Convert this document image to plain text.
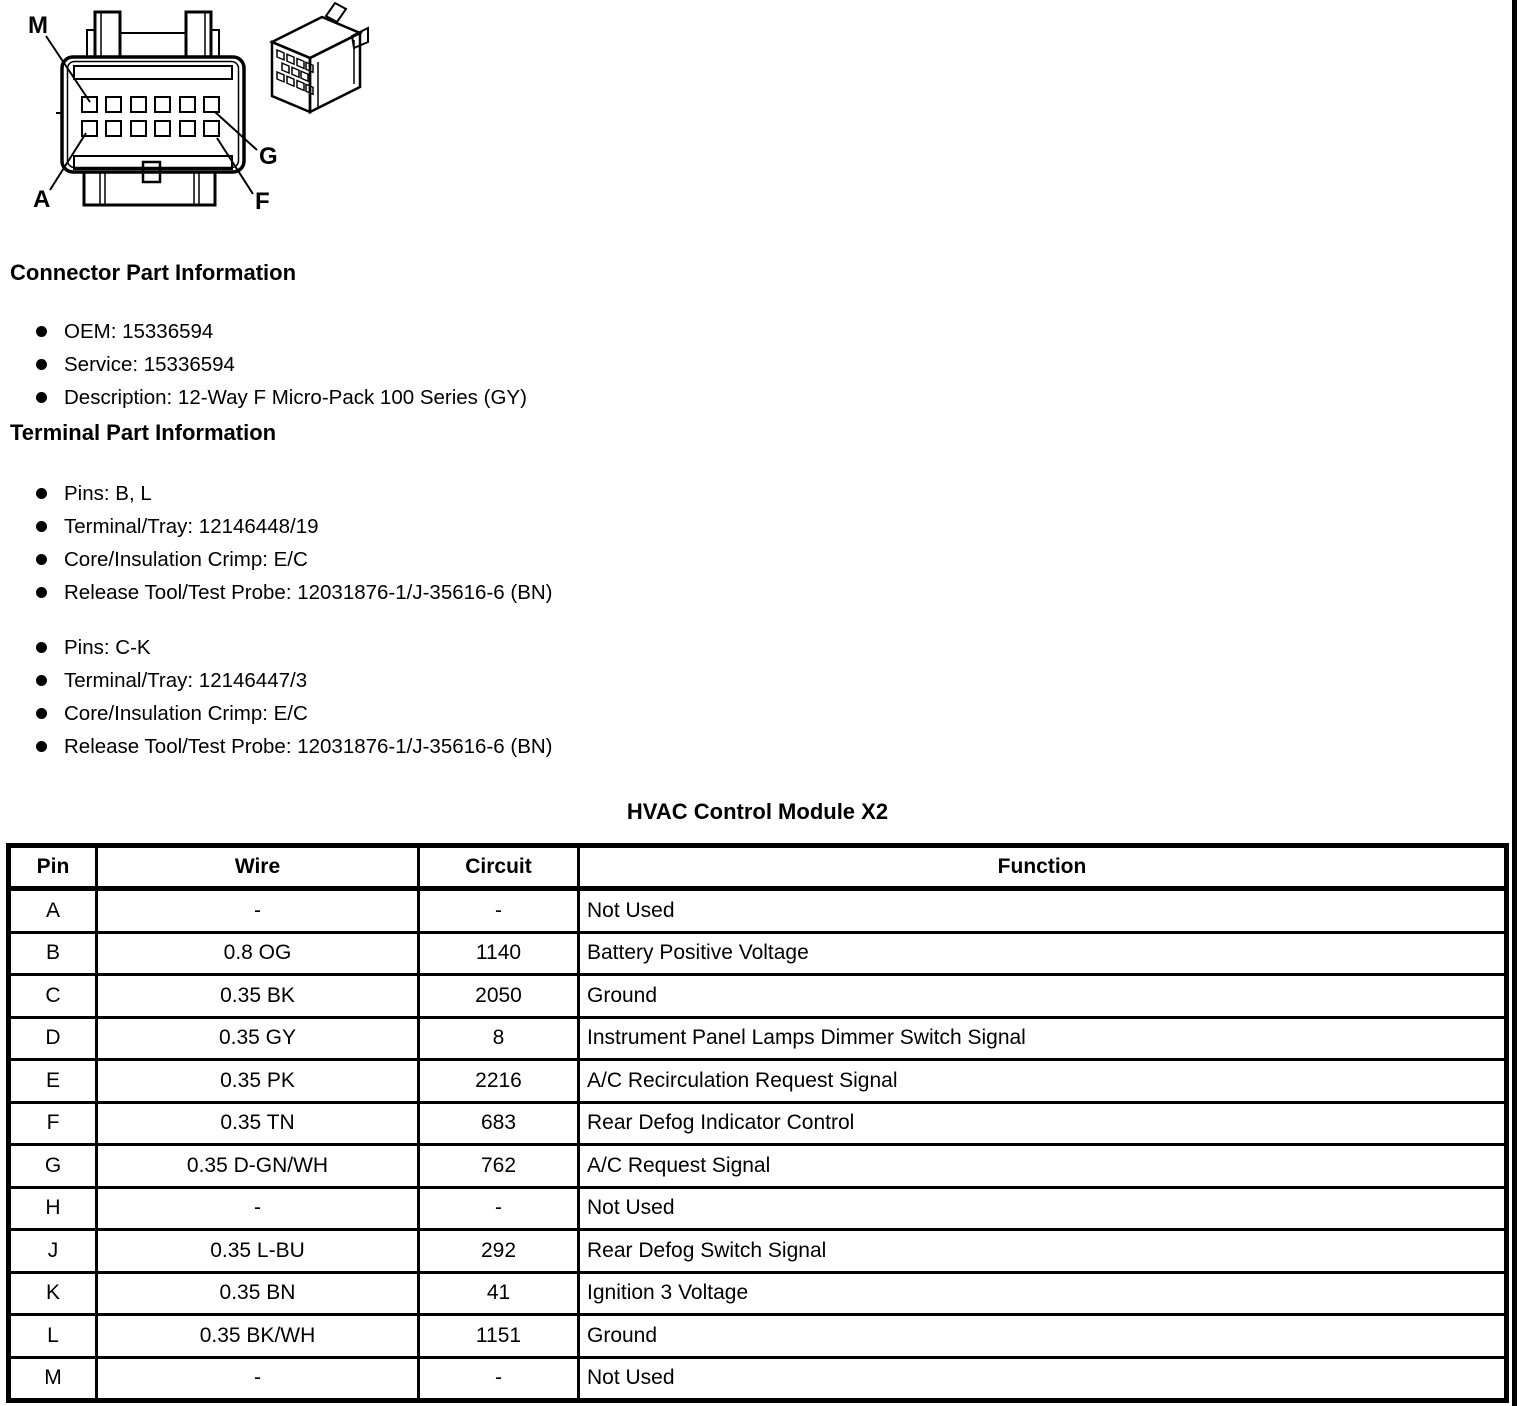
M
A
G
F
Connector Part Information
OEM: 15336594
Service: 15336594
Description: 12-Way F Micro-Pack 100 Series (GY)
Terminal Part Information
Pins: B, L
Terminal/Tray: 12146448/19
Core/Insulation Crimp: E/C
Release Tool/Test Probe: 12031876-1/J-35616-6 (BN)
Pins: C-K
Terminal/Tray: 12146447/3
Core/Insulation Crimp: E/C
Release Tool/Test Probe: 12031876-1/J-35616-6 (BN)
HVAC Control Module X2
Pin	Wire	Circuit	Function
A	-	-	Not Used
B	0.8 OG	1140	Battery Positive Voltage
C	0.35 BK	2050	Ground
D	0.35 GY	8	Instrument Panel Lamps Dimmer Switch Signal
E	0.35 PK	2216	A/C Recirculation Request Signal
F	0.35 TN	683	Rear Defog Indicator Control
G	0.35 D-GN/WH	762	A/C Request Signal
H	-	-	Not Used
J	0.35 L-BU	292	Rear Defog Switch Signal
K	0.35 BN	41	Ignition 3 Voltage
L	0.35 BK/WH	1151	Ground
M	-	-	Not Used
